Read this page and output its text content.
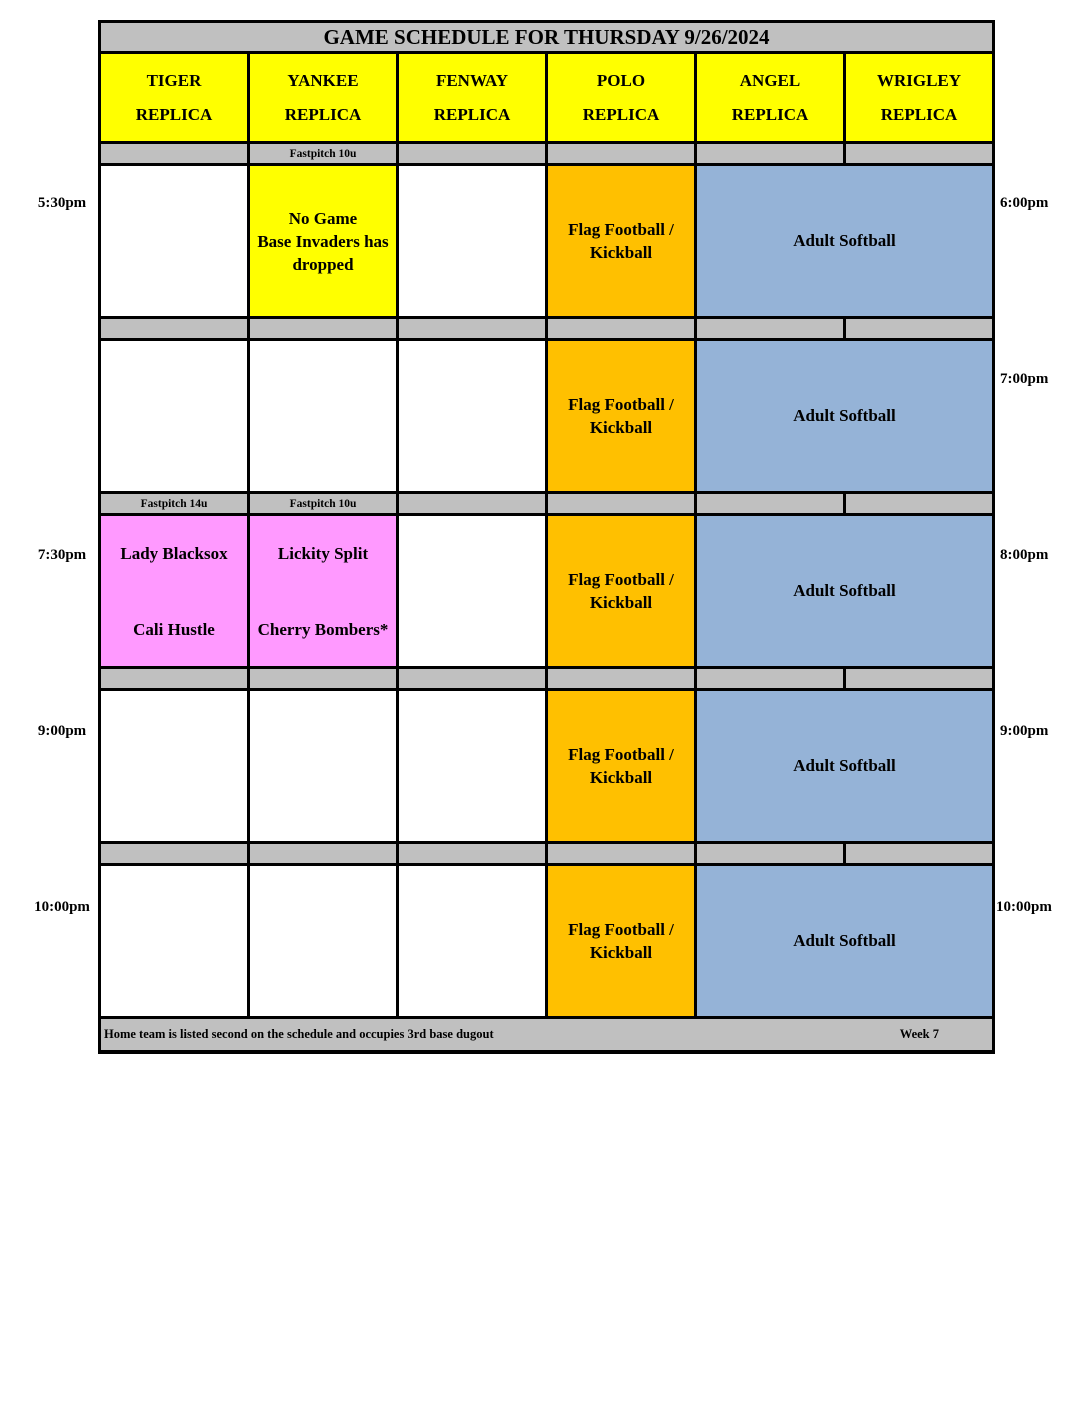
GAME SCHEDULE FOR THURSDAY 9/26/2024
TIGER
REPLICA
YANKEE
REPLICA
FENWAY
REPLICA
POLO
REPLICA
ANGEL
REPLICA
WRIGLEY
REPLICA
Fastpitch 10u
No Game
Base Invaders has
dropped
Flag Football /
Kickball
Adult Softball
Flag Football /
Kickball
Adult Softball
Fastpitch 14u	Fastpitch 10u
Lady Blacksox
Cali Hustle
Lickity Split
Cherry Bombers*
Flag Football /
Kickball
Adult Softball
Flag Football /
Kickball
Adult Softball
Flag Football /
Kickball
Adult Softball
Home team is listed second on the schedule and occupies 3rd base dugout	Week 7
5:30pm
7:30pm
9:00pm
10:00pm
6:00pm
7:00pm
8:00pm
9:00pm
10:00pm
